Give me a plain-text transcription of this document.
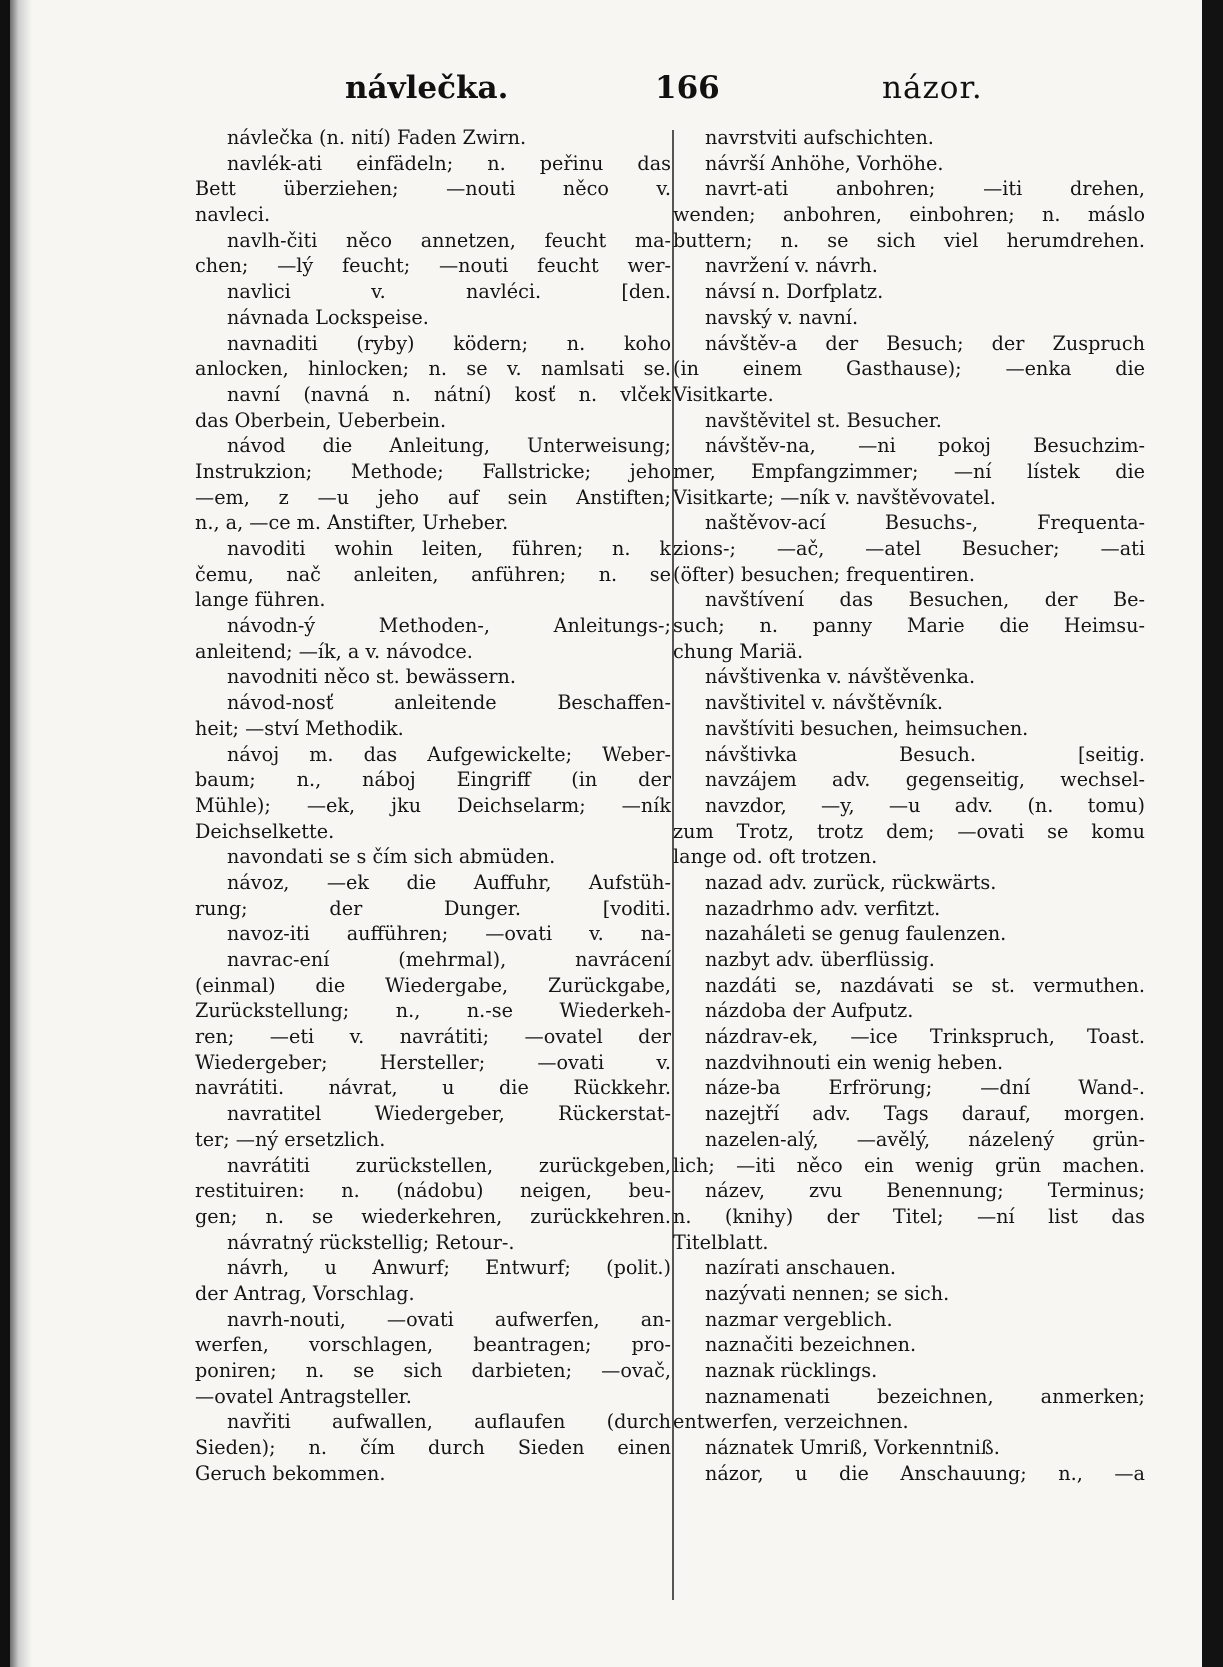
návlečka.	166	názor.
návlečka (n. nití) Faden Zwirn.
navlék-ati einfädeln; n. peřinu das
Bett überziehen; —nouti něco v.
navleci.
navlh-čiti něco annetzen, feucht ma-
chen; —lý feucht; —nouti feucht wer-
navlici v. navléci. [den.
návnada Lockspeise.
navnaditi (ryby) ködern; n. koho
anlocken, hinlocken; n. se v. namlsati se.
navní (navná n. nátní) kosť n. vlček
das Oberbein, Ueberbein.
návod die Anleitung, Unterweisung;
Instrukzion; Methode; Fallstricke; jeho
—em, z —u jeho auf sein Anstiften;
n., a, —ce m. Anstifter, Urheber.
navoditi wohin leiten, führen; n. k
čemu, nač anleiten, anführen; n. se
lange führen.
návodn-ý Methoden-, Anleitungs-;
anleitend; —ík, a v. návodce.
navodniti něco st. bewässern.
návod-nosť anleitende Beschaffen-
heit; —ství Methodik.
návoj m. das Aufgewickelte; Weber-
baum; n., náboj Eingriff (in der
Mühle); —ek, jku Deichselarm; —ník
Deichselkette.
navondati se s čím sich abmüden.
návoz, —ek die Auffuhr, Aufstüh-
rung; der Dunger. [voditi.
navoz-iti aufführen; —ovati v. na-
navrac-ení (mehrmal), navrácení
(einmal) die Wiedergabe, Zurückgabe,
Zurückstellung; n., n.-se Wiederkeh-
ren; —eti v. navrátiti; —ovatel der
Wiedergeber; Hersteller; —ovati v.
navrátiti. návrat, u die Rückkehr.
navratitel Wiedergeber, Rückerstat-
ter; —ný ersetzlich.
navrátiti zurückstellen, zurückgeben,
restituiren: n. (nádobu) neigen, beu-
gen; n. se wiederkehren, zurückkehren.
návratný rückstellig; Retour-.
návrh, u Anwurf; Entwurf; (polit.)
der Antrag, Vorschlag.
navrh-nouti, —ovati aufwerfen, an-
werfen, vorschlagen, beantragen; pro-
poniren; n. se sich darbieten; —ovač,
—ovatel Antragsteller.
navřiti aufwallen, auflaufen (durch
Sieden); n. čím durch Sieden einen
Geruch bekommen.
navrstviti aufschichten.
návrší Anhöhe, Vorhöhe.
navrt-ati anbohren; —iti drehen,
wenden; anbohren, einbohren; n. máslo
buttern; n. se sich viel herumdrehen.
navržení v. návrh.
návsí n. Dorfplatz.
navský v. navní.
návštěv-a der Besuch; der Zuspruch
(in einem Gasthause); —enka die
Visitkarte.
navštěvitel st. Besucher.
návštěv-na, —ni pokoj Besuchzim-
mer, Empfangzimmer; —ní lístek die
Visitkarte; —ník v. navštěvovatel.
naštěvov-ací Besuchs-, Frequenta-
zions-; —ač, —atel Besucher; —ati
(öfter) besuchen; frequentiren.
navštívení das Besuchen, der Be-
such; n. panny Marie die Heimsu-
chung Mariä.
návštivenka v. návštěvenka.
navštivitel v. návštěvník.
navštíviti besuchen, heimsuchen.
návštivka Besuch. [seitig.
navzájem adv. gegenseitig, wechsel-
navzdor, —y, —u adv. (n. tomu)
zum Trotz, trotz dem; —ovati se komu
lange od. oft trotzen.
nazad adv. zurück, rückwärts.
nazadrhmo adv. verfitzt.
nazaháleti se genug faulenzen.
nazbyt adv. überflüssig.
nazdáti se, nazdávati se st. vermuthen.
názdoba der Aufputz.
názdrav-ek, —ice Trinkspruch, Toast.
nazdvihnouti ein wenig heben.
náze-ba Erfrörung; —dní Wand-.
nazejtří adv. Tags darauf, morgen.
nazelen-alý, —avělý, názelený grün-
lich; —iti něco ein wenig grün machen.
název, zvu Benennung; Terminus;
n. (knihy) der Titel; —ní list das
Titelblatt.
nazírati anschauen.
nazývati nennen; se sich.
nazmar vergeblich.
naznačiti bezeichnen.
naznak rücklings.
naznamenati bezeichnen, anmerken;
entwerfen, verzeichnen.
náznatek Umriß, Vorkenntniß.
názor, u die Anschauung; n., —a
